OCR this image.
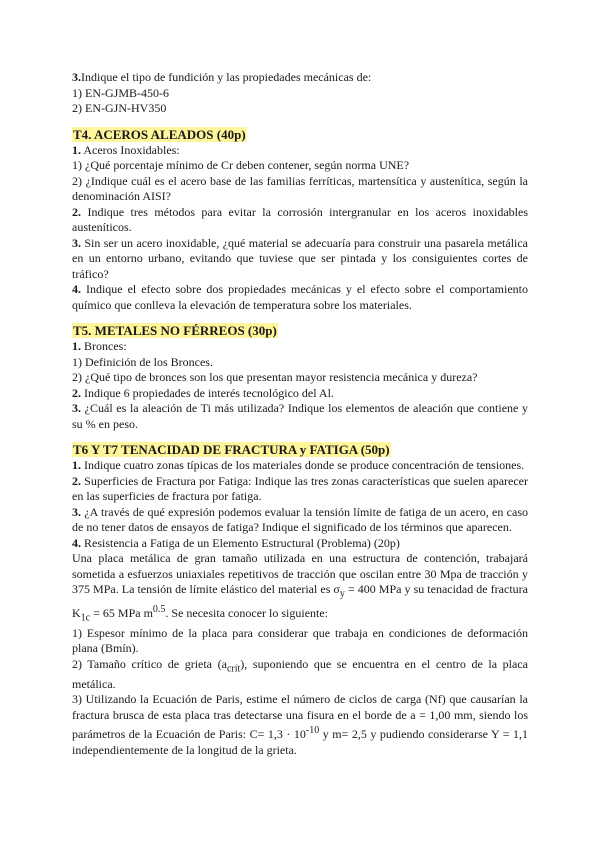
3.Indique el tipo de fundición y las propiedades mecánicas de:

1) EN-GJMB-450-6

2) EN-GJN-HV350

T4. ACEROS ALEADOS (40p)

1. Aceros Inoxidables:

1) ¿Qué porcentaje mínimo de Cr deben contener, según norma UNE?

2) ¿Indique cuál es el acero base de las familias ferríticas, martensítica y austenítica, según la denominación AISI?

2. Indique tres métodos para evitar la corrosión intergranular en los aceros inoxidables austeníticos.

3. Sin ser un acero inoxidable, ¿qué material se adecuaría para construir una pasarela metálica en un entorno urbano, evitando que tuviese que ser pintada y los consiguientes cortes de tráfico?

4. Indique el efecto sobre dos propiedades mecánicas y el efecto sobre el comportamiento químico que conlleva la elevación de temperatura sobre los materiales.

T5. METALES NO FÉRREOS (30p)

1. Bronces:

1) Definición de los Bronces.

2) ¿Qué tipo de bronces son los que presentan mayor resistencia mecánica y dureza?

2. Indique 6 propiedades de interés tecnológico del Al.

3. ¿Cuál es la aleación de Ti más utilizada? Indique los elementos de aleación que contiene y su % en peso.

T6 Y T7 TENACIDAD DE FRACTURA y FATIGA (50p)

1. Indique cuatro zonas típicas de los materiales donde se produce concentración de tensiones.

2. Superficies de Fractura por Fatiga: Indique las tres zonas características que suelen aparecer en las superficies de fractura por fatiga.

3. ¿A través de qué expresión podemos evaluar la tensión límite de fatiga de un acero, en caso de no tener datos de ensayos de fatiga? Indique el significado de los términos que aparecen.

4. Resistencia a Fatiga de un Elemento Estructural (Problema) (20p)

Una placa metálica de gran tamaño utilizada en una estructura de contención, trabajará sometida a esfuerzos uniaxiales repetitivos de tracción que oscilan entre 30 Mpa de tracción y 375 MPa. La tensión de límite elástico del material es $\sigma_y = 400$ MPa y su tenacidad de fractura $K_{1c} = 65$ MPa $m^{0.5}$. Se necesita conocer lo siguiente:

1) Espesor mínimo de la placa para considerar que trabaja en condiciones de deformación plana (Bmín).

2) Tamaño crítico de grieta $(a_{crít})$, suponiendo que se encuentra en el centro de la placa metálica.

3) Utilizando la Ecuación de Paris, estime el número de ciclos de carga (Nf) que causarían la fractura brusca de esta placa tras detectarse una fisura en el borde de a = 1,00 mm, siendo los parámetros de la Ecuación de Paris: $C= 1,3 \cdot 10^{-10}$ y m= 2,5 y pudiendo considerarse Y = 1,1 independientemente de la longitud de la grieta.
